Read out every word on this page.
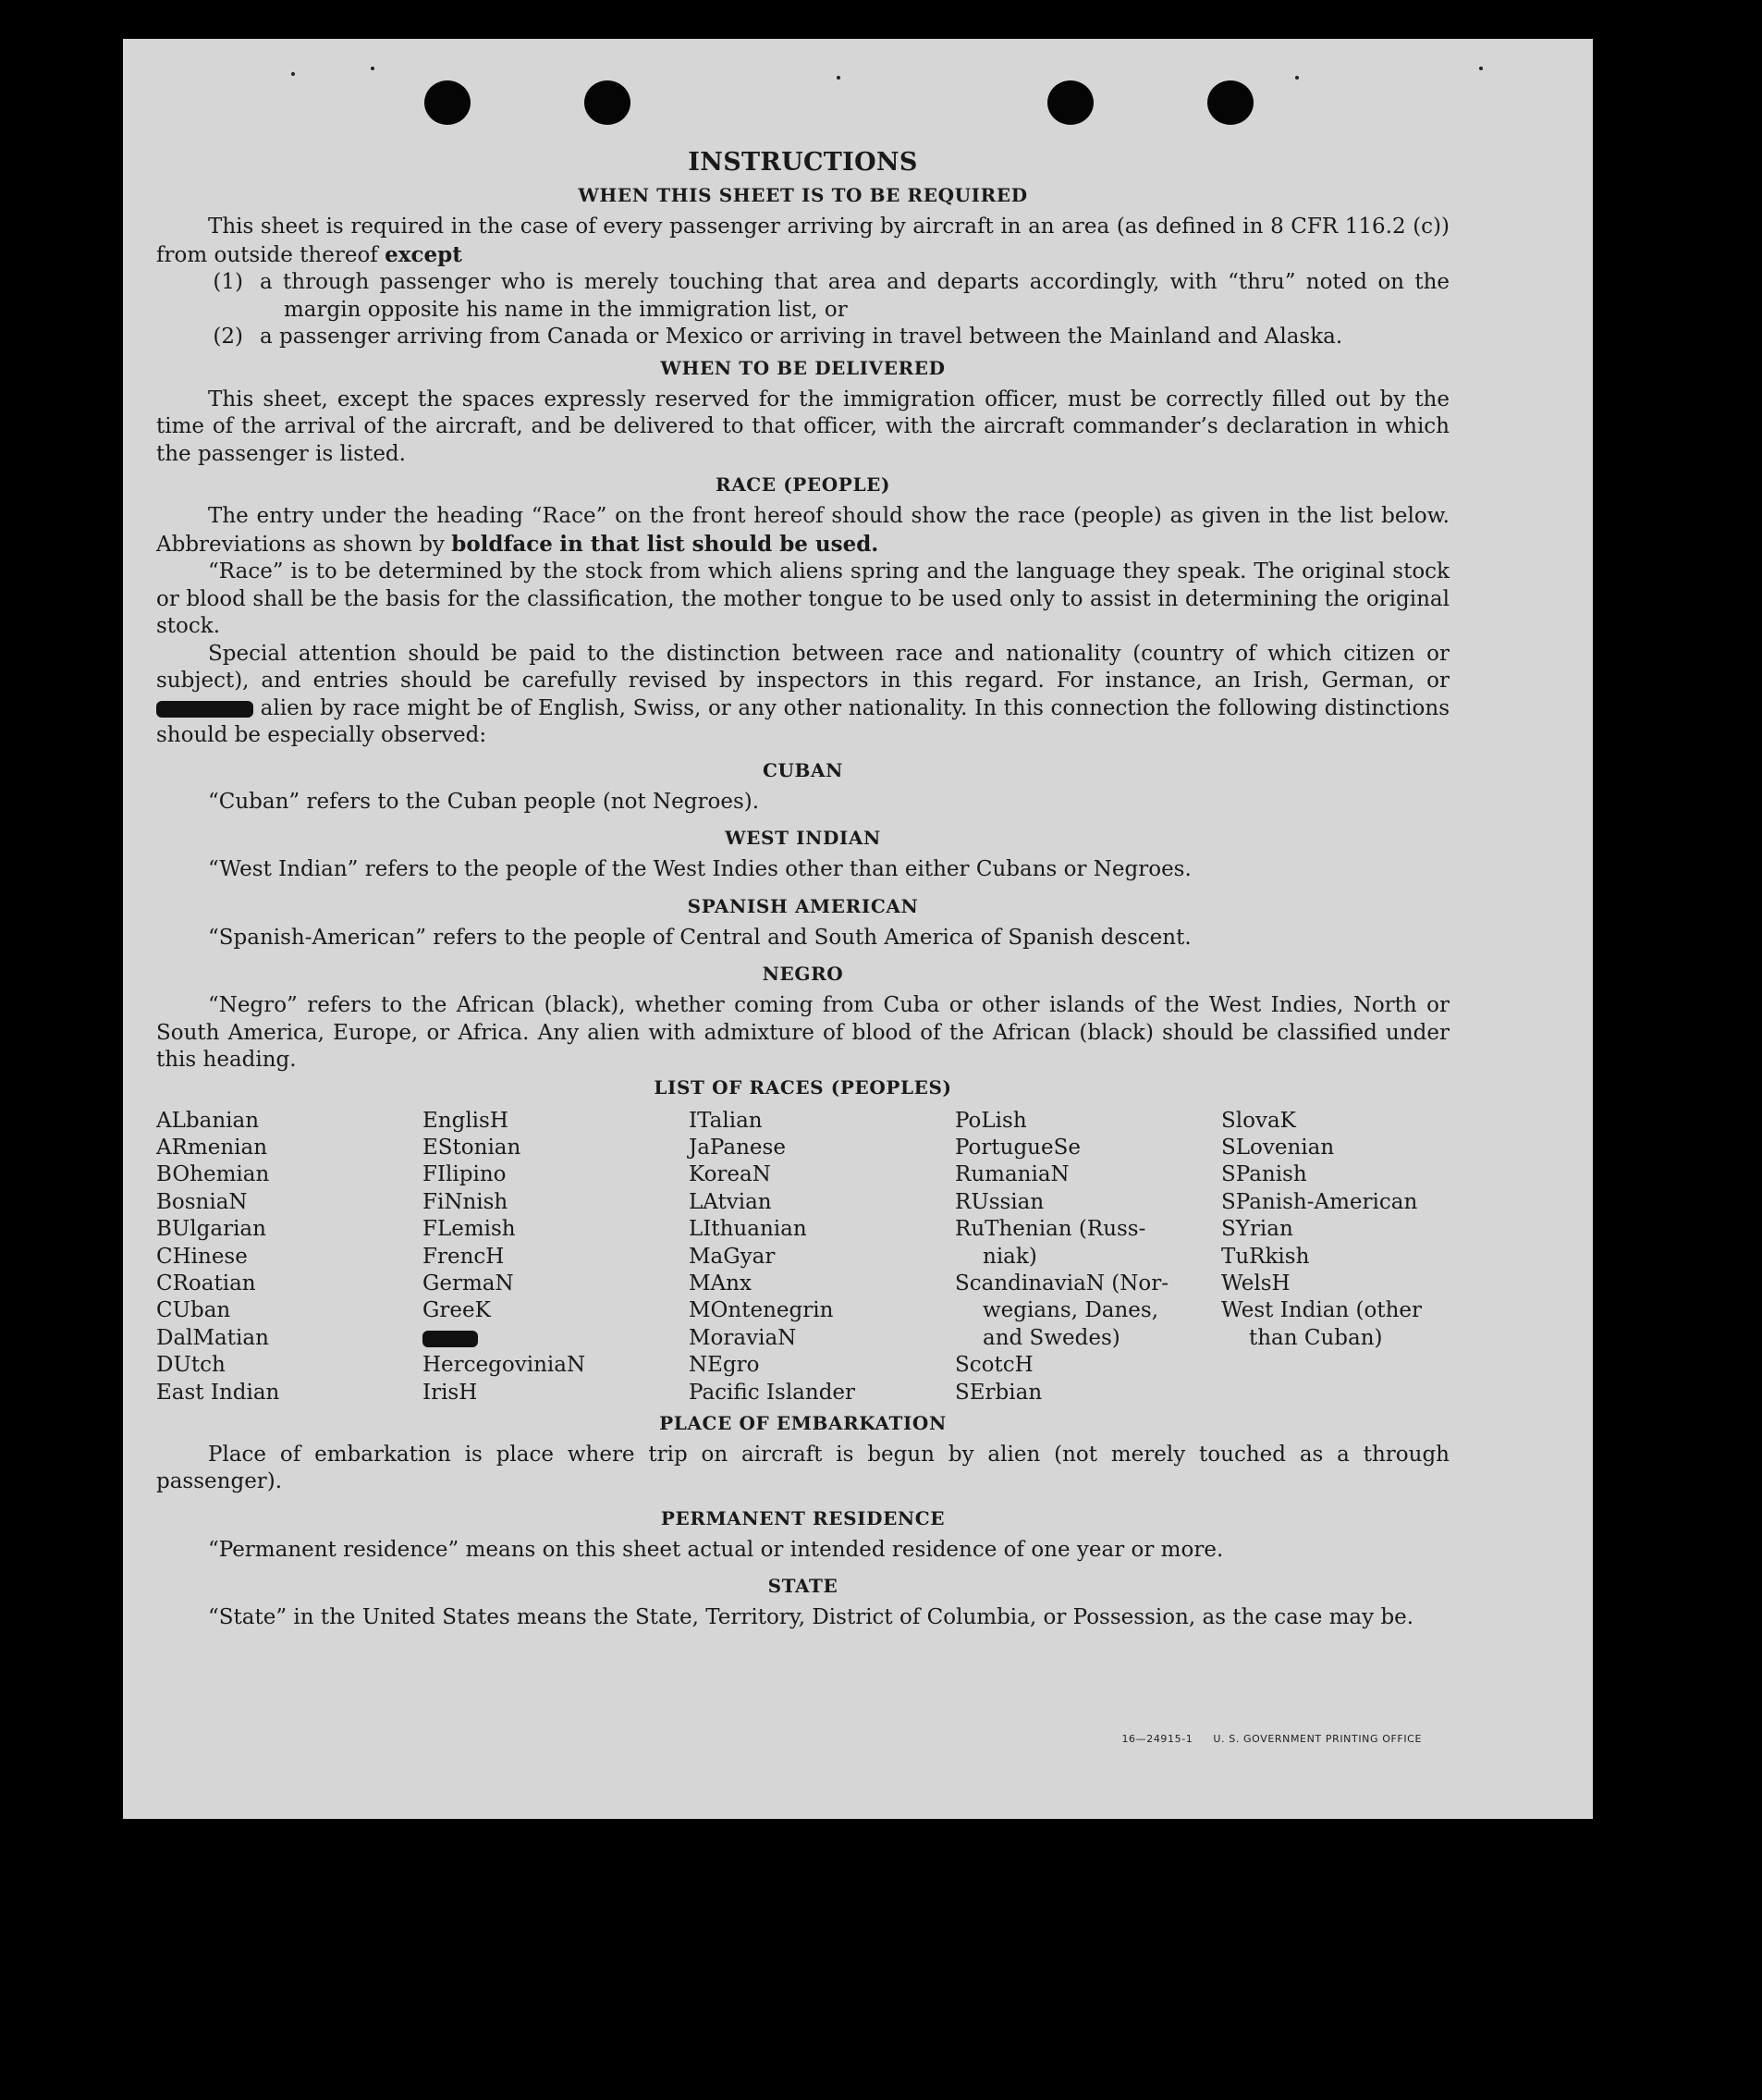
INSTRUCTIONS
WHEN THIS SHEET IS TO BE REQUIRED

This sheet is required in the case of every passenger arriving by aircraft in an area (as defined in 8 CFR 116.2 (c)) from outside thereof except

(1) a through passenger who is merely touching that area and departs accordingly, with “thru” noted on the margin opposite his name in the immigration list, or
(2) a passenger arriving from Canada or Mexico or arriving in travel between the Mainland and Alaska.
WHEN TO BE DELIVERED

This sheet, except the spaces expressly reserved for the immigration officer, must be correctly filled out by the time of the arrival of the aircraft, and be delivered to that officer, with the aircraft commander’s declaration in which the passenger is listed.

RACE (PEOPLE)

The entry under the heading “Race” on the front hereof should show the race (people) as given in the list below. Abbreviations as shown by boldface in that list should be used.

“Race” is to be determined by the stock from which aliens spring and the language they speak. The original stock or blood shall be the basis for the classification, the mother tongue to be used only to assist in determining the original stock.

Special attention should be paid to the distinction between race and nationality (country of which citizen or subject), and entries should be carefully revised by inspectors in this regard. For instance, an Irish, German, or  alien by race might be of English, Swiss, or any other nationality. In this connection the following distinctions should be especially observed:

CUBAN

“Cuban” refers to the Cuban people (not Negroes).

WEST INDIAN

“West Indian” refers to the people of the West Indies other than either Cubans or Negroes.

SPANISH AMERICAN

“Spanish-American” refers to the people of Central and South America of Spanish descent.

NEGRO

“Negro” refers to the African (black), whether coming from Cuba or other islands of the West Indies, North or South America, Europe, or Africa. Any alien with admixture of blood of the African (black) should be classified under this heading.

LIST OF RACES (PEOPLES)
ALbanian
ARmenian
BOhemian
BosniaN
BUlgarian
CHinese
CRoatian
CUban
DalMatian
DUtch
East Indian
EnglisH
EStonian
FIlipino
FiNnish
FLemish
FrencH
GermaN
GreeK
HercegoviniaN
IrisH
ITalian
JaPanese
KoreaN
LAtvian
LIthuanian
MaGyar
MAnx
MOntenegrin
MoraviaN
NEgro
Pacific Islander
PoLish
PortugueSe
RumaniaN
RUssian
RuThenian (Russ-
niak)
ScandinaviaN (Nor-
wegians, Danes,
and Swedes)
ScotcH
SErbian
SlovaK
SLovenian
SPanish
SPanish-American
SYrian
TuRkish
WelsH
West Indian (other
than Cuban)
PLACE OF EMBARKATION

Place of embarkation is place where trip on aircraft is begun by alien (not merely touched as a through passenger).

PERMANENT RESIDENCE

“Permanent residence” means on this sheet actual or intended residence of one year or more.

STATE

“State” in the United States means the State, Territory, District of Columbia, or Possession, as the case may be.

16—24915-1 U. S. GOVERNMENT PRINTING OFFICE
